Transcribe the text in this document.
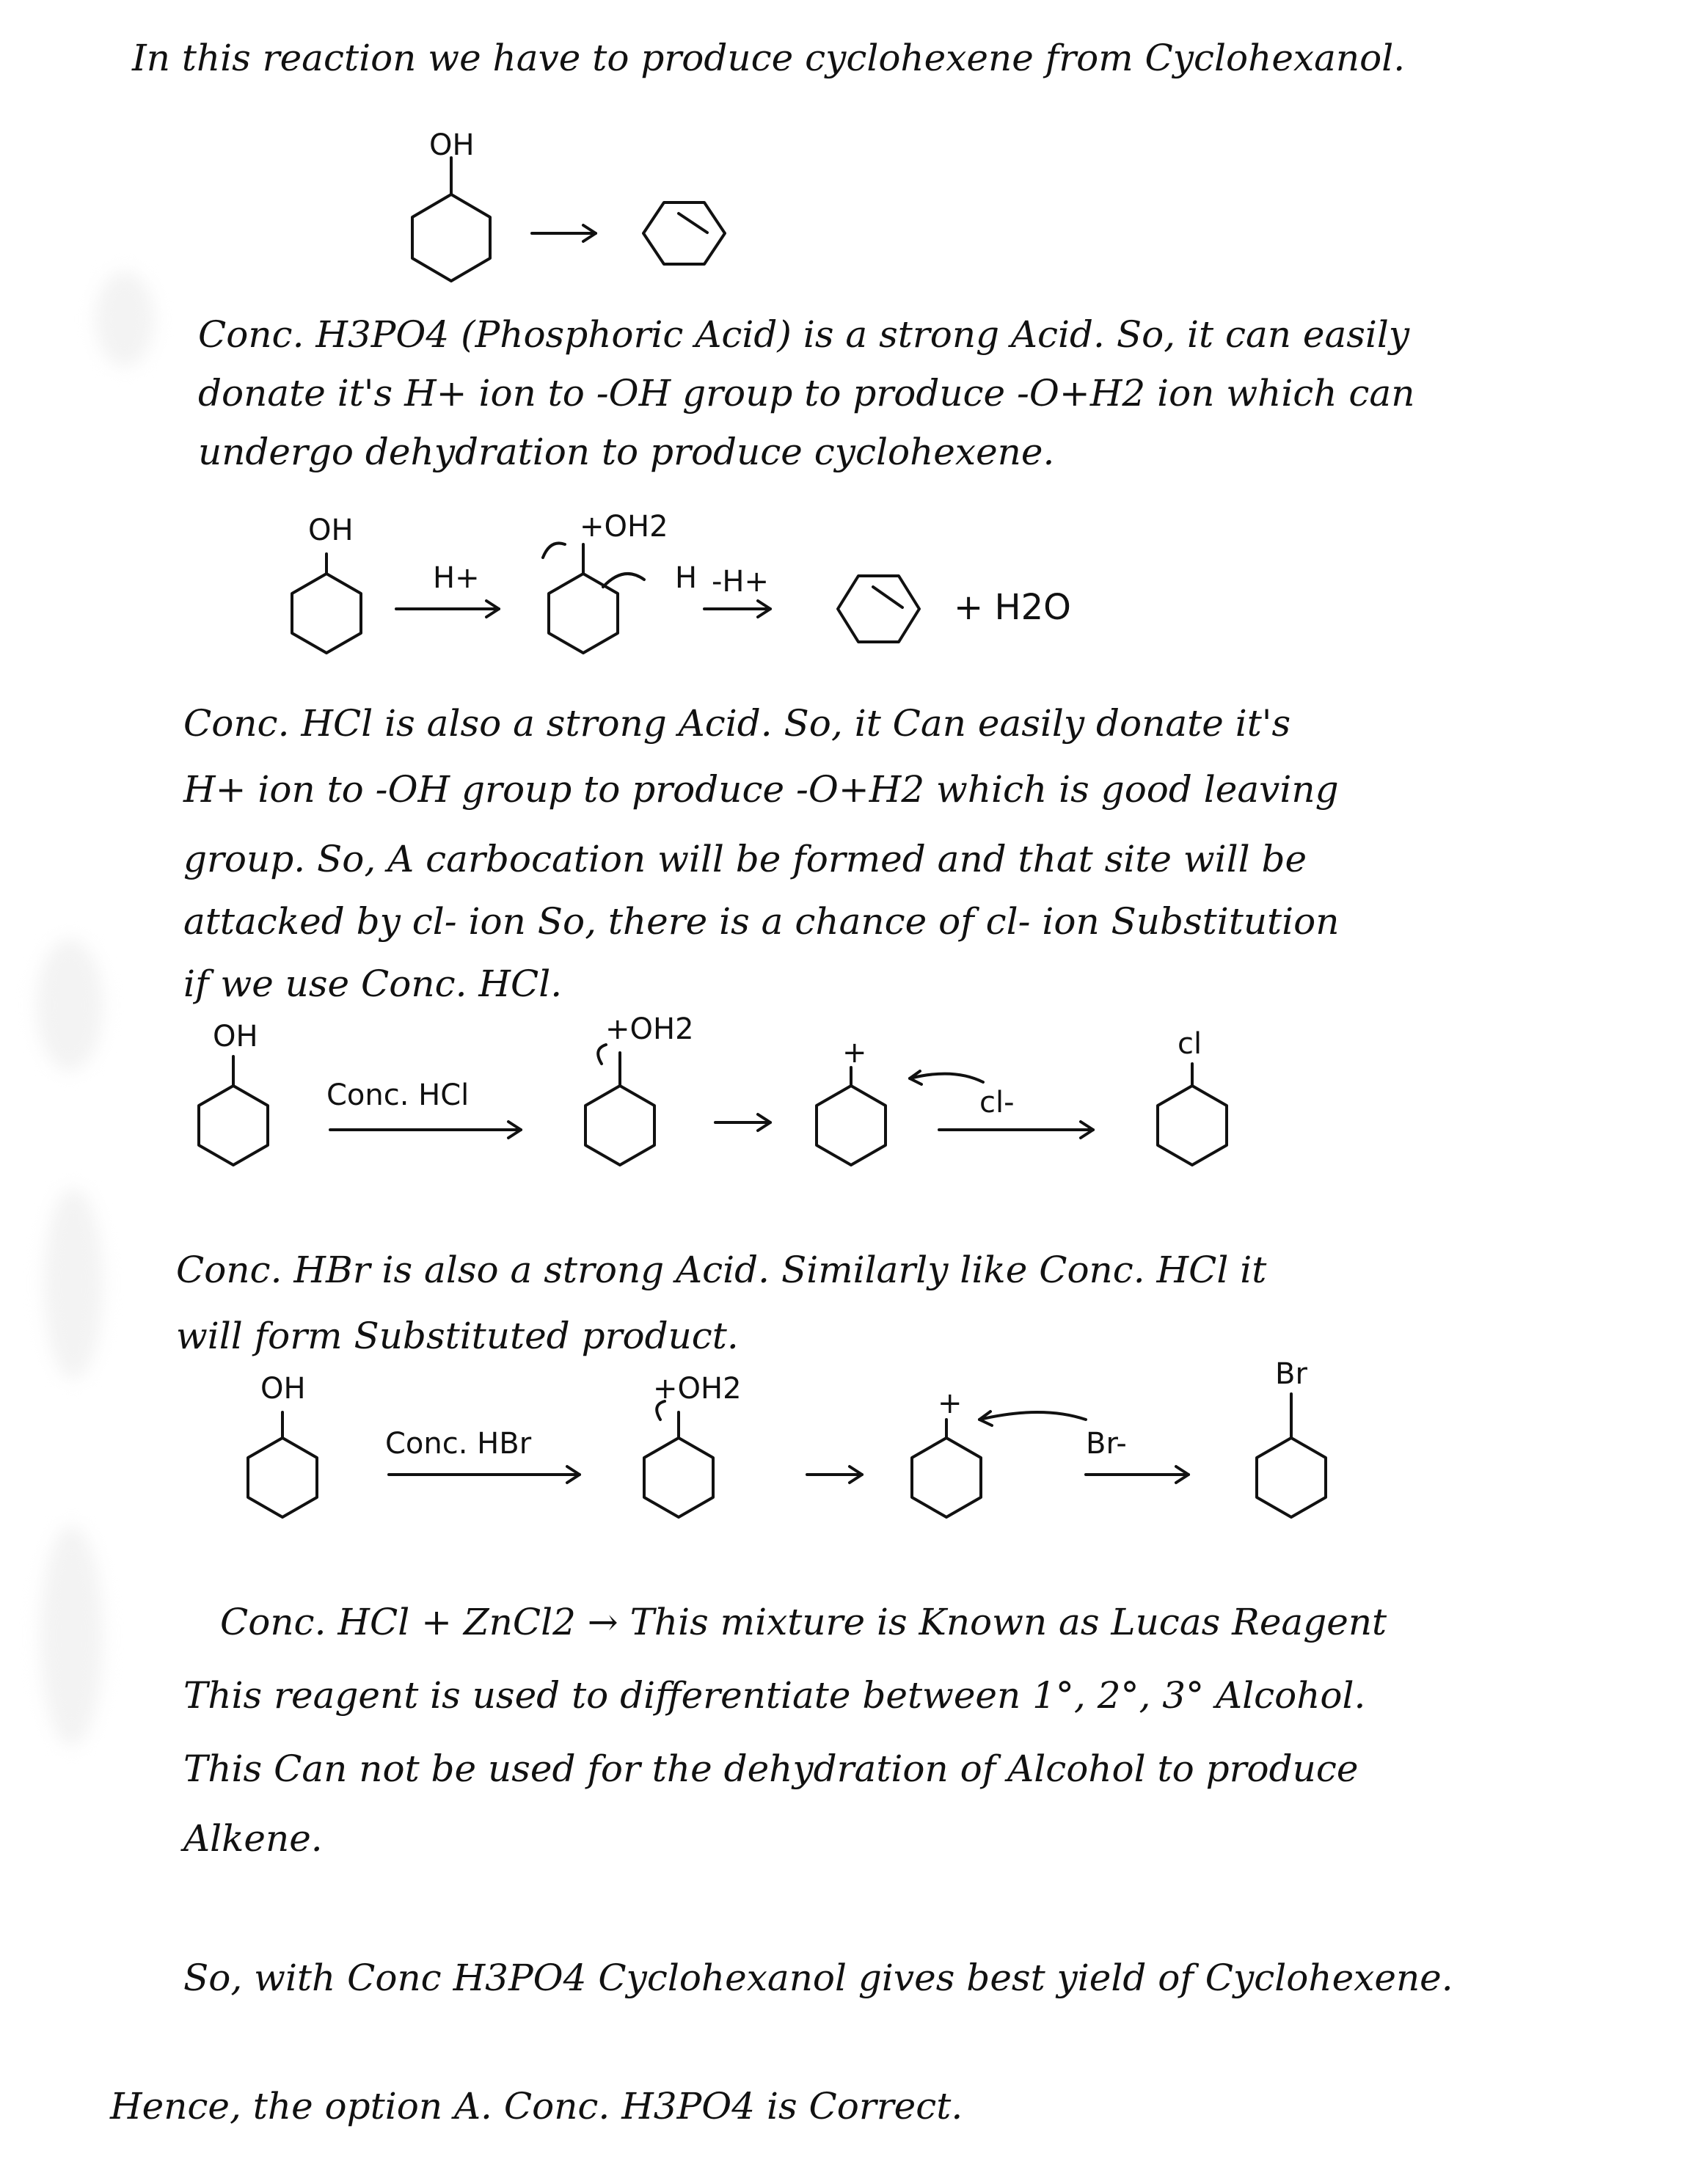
In this reaction we have to produce cyclohexene from Cyclohexanol.
OH
Conc. H3PO4 (Phosphoric Acid) is a strong Acid. So, it can easily
donate it's H+ ion to -OH group to produce -O+H2 ion which can
undergo dehydration to produce cyclohexene.
OH
H+
+OH2
H -H+
+ H2O
Conc. HCl is also a strong Acid. So, it Can easily donate it's
H+ ion to -OH group to produce -O+H2 which is good leaving
group. So, A carbocation will be formed and that site will be
attacked by cl- ion So, there is a chance of cl- ion Substitution
if we use Conc. HCl.
OH
Conc. HCl
+OH2
+
cl-
cl
Conc. HBr is also a strong Acid. Similarly like Conc. HCl it
will form Substituted product.
OH
Conc. HBr
+OH2	+
Br-
Br
Conc. HCl + ZnCl2 → This mixture is Known as Lucas Reagent
This reagent is used to differentiate between 1°, 2°, 3° Alcohol.
This Can not be used for the dehydration of Alcohol to produce
Alkene.
So, with Conc H3PO4 Cyclohexanol gives best yield of Cyclohexene.
Hence, the option A. Conc. H3PO4 is Correct.
